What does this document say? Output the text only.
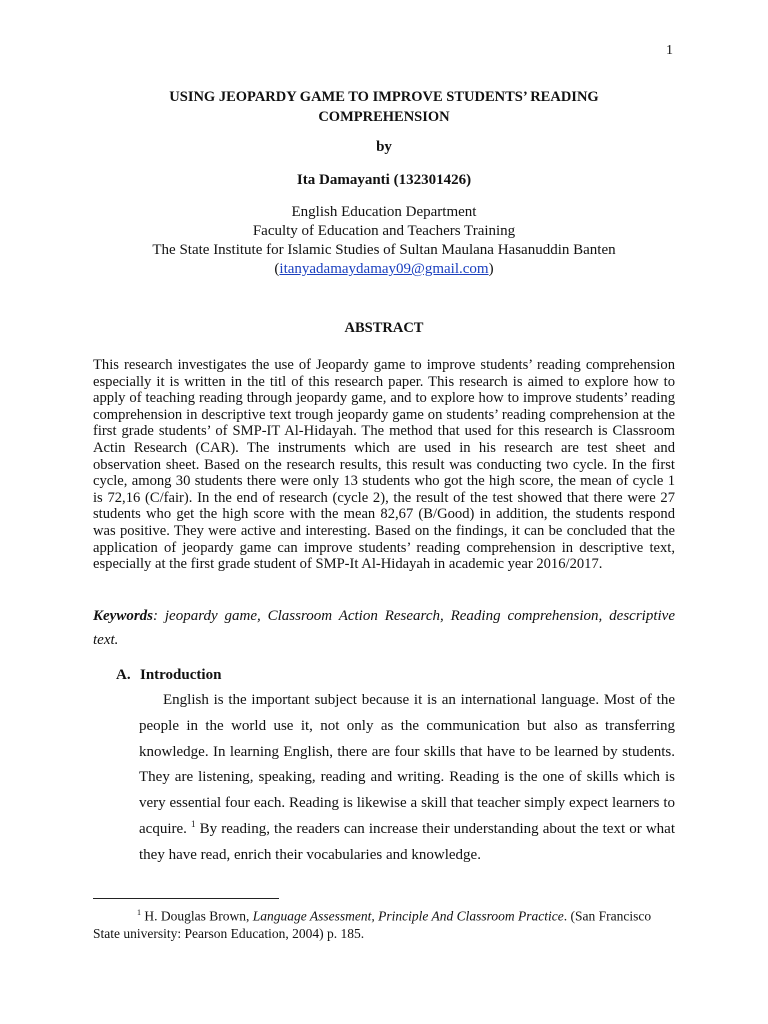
1
USING JEOPARDY GAME TO IMPROVE STUDENTS’ READING
COMPREHENSION
by
Ita Damayanti (132301426)
English Education Department
Faculty of Education and Teachers Training
The State Institute for Islamic Studies of Sultan Maulana Hasanuddin Banten
(itanyadamaydamay09@gmail.com)
ABSTRACT

This research investigates the use of Jeopardy game to improve students’ reading comprehension especially it is written in the titl of this research paper. This research is aimed to explore how to apply of teaching reading through jeopardy game, and to explore how to improve students’ reading comprehension in descriptive text trough jeopardy game on students’ reading comprehension at the first grade students’ of SMP-IT Al-Hidayah. The method that used for this research is Classroom Actin Research (CAR). The instruments which are used in his research are test sheet and observation sheet. Based on the research results, this result was conducting two cycle. In the first cycle, among 30 students there were only 13 students who got the high score, the mean of cycle 1 is 72,16 (C/fair). In the end of research (cycle 2), the result of the test showed that there were 27 students who get the high score with the mean 82,67 (B/Good) in addition, the students respond was positive. They were active and interesting. Based on the findings, it can be concluded that the application of jeopardy game can improve students’ reading comprehension in descriptive text, especially at the first grade student of SMP-It Al-Hidayah in academic year 2016/2017.

Keywords: jeopardy game, Classroom Action Research, Reading comprehension, descriptive text.

A. Introduction

English is the important subject because it is an international language. Most of the people in the world use it, not only as the communication but also as transferring knowledge. In learning English, there are four skills that have to be learned by students. They are listening, speaking, reading and writing. Reading is the one of skills which is very essential four each. Reading is likewise a skill that teacher simply expect learners to acquire. $^1$ By reading, the readers can increase their understanding about the text or what they have read, enrich their vocabularies and knowledge.

$^1$ H. Douglas Brown, Language Assessment, Principle And Classroom Practice. (San Francisco State university: Pearson Education, 2004) p. 185.
